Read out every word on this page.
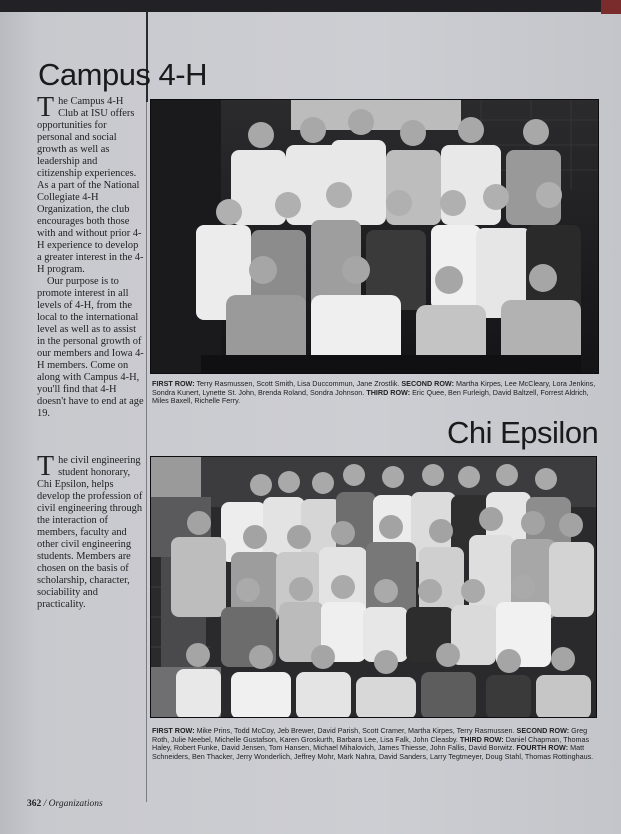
Campus 4-H
T he Campus 4-H Club at ISU offers opportunities for personal and social growth as well as leadership and citizenship experiences. As a part of the National Collegiate 4-H Organization, the club encourages both those with and without prior 4-H experience to develop a greater interest in the 4-H program.
Our purpose is to promote interest in all levels of 4-H, from the local to the international level as well as to assist in the personal growth of our members and Iowa 4-H members. Come on along with Campus 4-H, you'll find that 4-H doesn't have to end at age 19.
FIRST ROW: Terry Rasmussen, Scott Smith, Lisa Duccommun, Jane Zrostlik. SECOND ROW: Martha Kirpes, Lee McCleary, Lora Jenkins, Sondra Kunert, Lynette St. John, Brenda Roland, Sondra Johnson. THIRD ROW: Eric Quee, Ben Furleigh, David Baltzell, Forrest Aldrich, Miles Baxell, Richelle Ferry.
Chi Epsilon
T he civil engineering student honorary, Chi Epsilon, helps develop the profession of civil engineering through the interaction of members, faculty and other civil engineering students. Members are chosen on the basis of scholarship, character, sociability and practicality.
FIRST ROW: Mike Prins, Todd McCoy, Jeb Brewer, David Parish, Scott Cramer, Martha Kirpes, Terry Rasmussen. SECOND ROW: Greg Roth, Julie Neebel, Michelle Gustafson, Karen Groskurth, Barbara Lee, Lisa Falk, John Cleasby. THIRD ROW: Daniel Chapman, Thomas Haley, Robert Funke, David Jensen, Tom Hansen, Michael Mihalovich, James Thiesse, John Fallis, David Borwitz. FOURTH ROW: Matt Schneiders, Ben Thacker, Jerry Wonderlich, Jeffrey Mohr, Mark Nahra, David Sanders, Larry Tegtmeyer, Doug Stahl, Thomas Rottinghaus.
362 / Organizations
